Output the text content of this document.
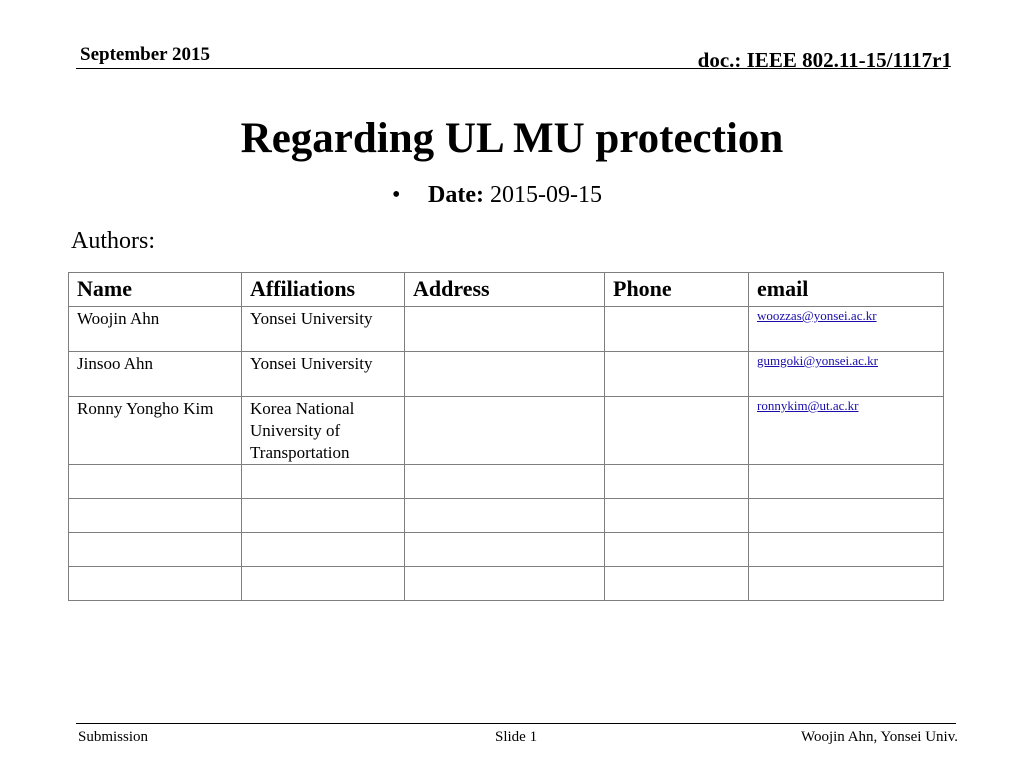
September 2015	doc.: IEEE 802.11-15/1117r1
Regarding UL MU protection
• Date: 2015-09-15
Authors:
Name	Affiliations	Address	Phone	email
Woojin Ahn	Yonsei University			woozzas@yonsei.ac.kr

Jinsoo Ahn	Yonsei University			gumgoki@yonsei.ac.kr

Ronny Yongho Kim	Korea National University of Transportation			ronnykim@ut.ac.kr

Submission	Slide 1	Woojin Ahn, Yonsei Univ.
